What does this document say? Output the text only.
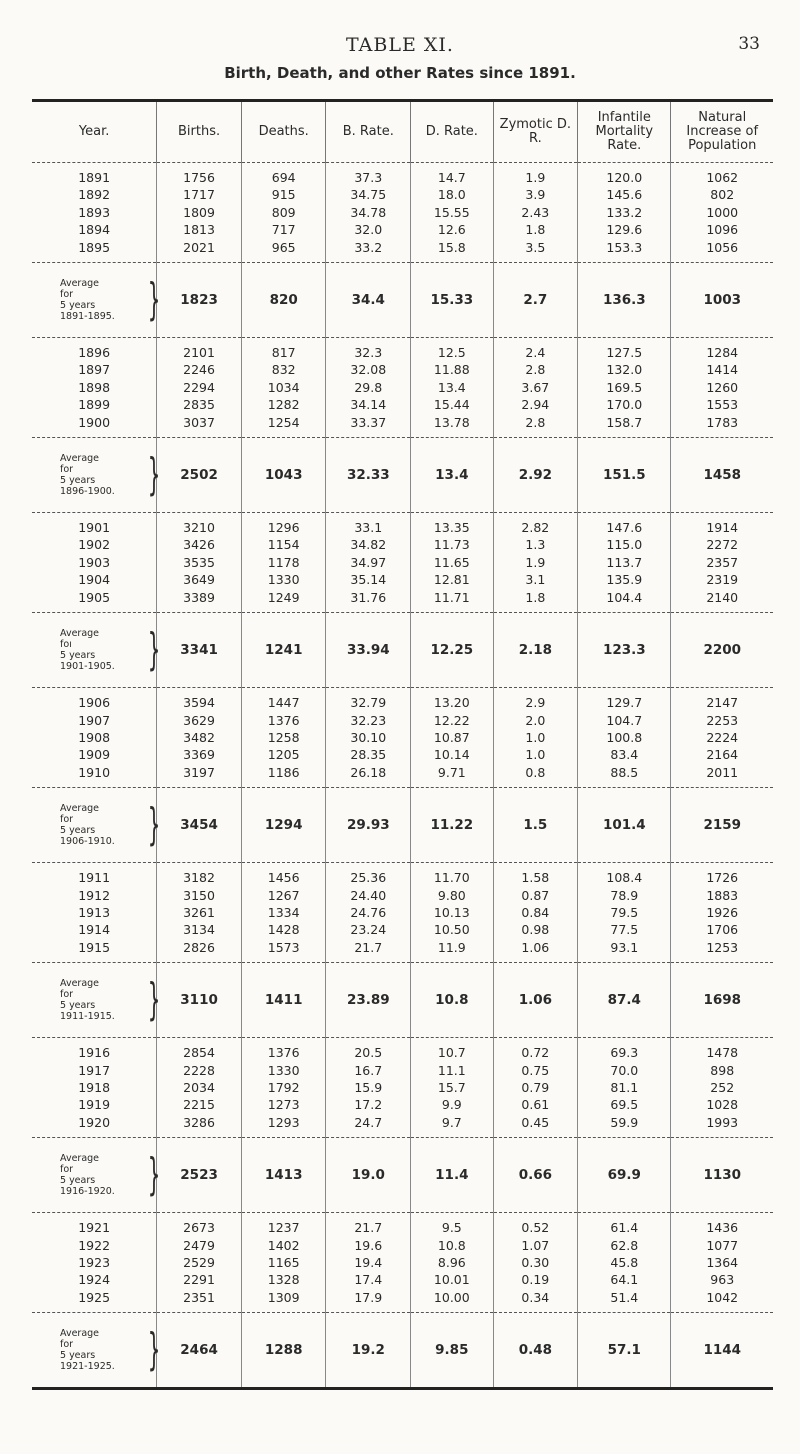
TABLE XI.	33
Birth, Death, and other Rates since 1891.
Year.	Births.	Deaths.	B. Rate.	D. Rate.	Zymotic D. R.	Infantile Mortality Rate.	Natural Increase of Population

1891	1756	694	37.3	14.7	1.9	120.0	1062
1892	1717	915	34.75	18.0	3.9	145.6	802
1893	1809	809	34.78	15.55	2.43	133.2	1000
1894	1813	717	32.0	12.6	1.8	129.6	1096
1895	2021	965	33.2	15.8	3.5	153.3	1056

Average
for
5 years
1891-1895. }	1823	820	34.4	15.33	2.7	136.3	1003

1896	2101	817	32.3	12.5	2.4	127.5	1284
1897	2246	832	32.08	11.88	2.8	132.0	1414
1898	2294	1034	29.8	13.4	3.67	169.5	1260
1899	2835	1282	34.14	15.44	2.94	170.0	1553
1900	3037	1254	33.37	13.78	2.8	158.7	1783

Average
for
5 years
1896-1900. }	2502	1043	32.33	13.4	2.92	151.5	1458

1901	3210	1296	33.1	13.35	2.82	147.6	1914
1902	3426	1154	34.82	11.73	1.3	115.0	2272
1903	3535	1178	34.97	11.65	1.9	113.7	2357
1904	3649	1330	35.14	12.81	3.1	135.9	2319
1905	3389	1249	31.76	11.71	1.8	104.4	2140

Average
foı
5 years
1901-1905. }	3341	1241	33.94	12.25	2.18	123.3	2200

1906	3594	1447	32.79	13.20	2.9	129.7	2147
1907	3629	1376	32.23	12.22	2.0	104.7	2253
1908	3482	1258	30.10	10.87	1.0	100.8	2224
1909	3369	1205	28.35	10.14	1.0	83.4	2164
1910	3197	1186	26.18	9.71	0.8	88.5	2011

Average
for
5 years
1906-1910. }	3454	1294	29.93	11.22	1.5	101.4	2159

1911	3182	1456	25.36	11.70	1.58	108.4	1726
1912	3150	1267	24.40	9.80	0.87	78.9	1883
1913	3261	1334	24.76	10.13	0.84	79.5	1926
1914	3134	1428	23.24	10.50	0.98	77.5	1706
1915	2826	1573	21.7	11.9	1.06	93.1	1253

Average
for
5 years
1911-1915. }	3110	1411	23.89	10.8	1.06	87.4	1698

1916	2854	1376	20.5	10.7	0.72	69.3	1478
1917	2228	1330	16.7	11.1	0.75	70.0	898
1918	2034	1792	15.9	15.7	0.79	81.1	252
1919	2215	1273	17.2	9.9	0.61	69.5	1028
1920	3286	1293	24.7	9.7	0.45	59.9	1993

Average
for
5 years
1916-1920. }	2523	1413	19.0	11.4	0.66	69.9	1130

1921	2673	1237	21.7	9.5	0.52	61.4	1436
1922	2479	1402	19.6	10.8	1.07	62.8	1077
1923	2529	1165	19.4	8.96	0.30	45.8	1364
1924	2291	1328	17.4	10.01	0.19	64.1	963
1925	2351	1309	17.9	10.00	0.34	51.4	1042

Average
for
5 years
1921-1925. }	2464	1288	19.2	9.85	0.48	57.1	1144
